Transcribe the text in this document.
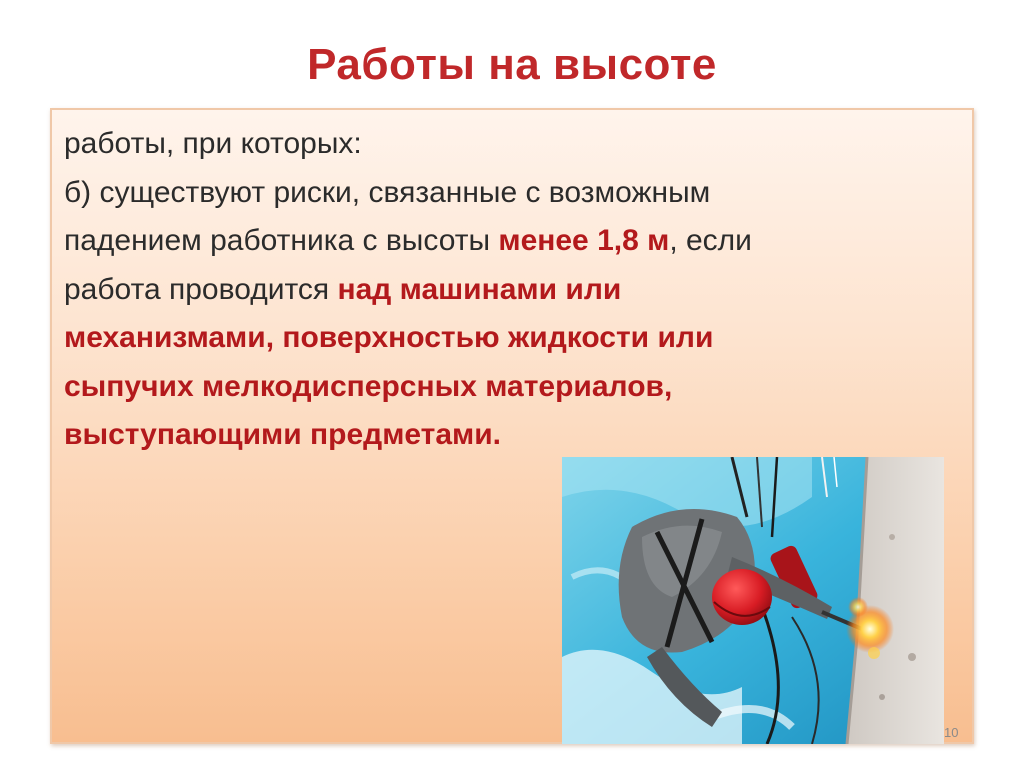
Работы на высоте
работы, при которых:
б) существуют риски, связанные с возможным
падением работника с высоты менее 1,8 м, если
работа проводится над машинами или
механизмами, поверхностью жидкости или
сыпучих мелкодисперсных материалов,
выступающими предметами.
10
